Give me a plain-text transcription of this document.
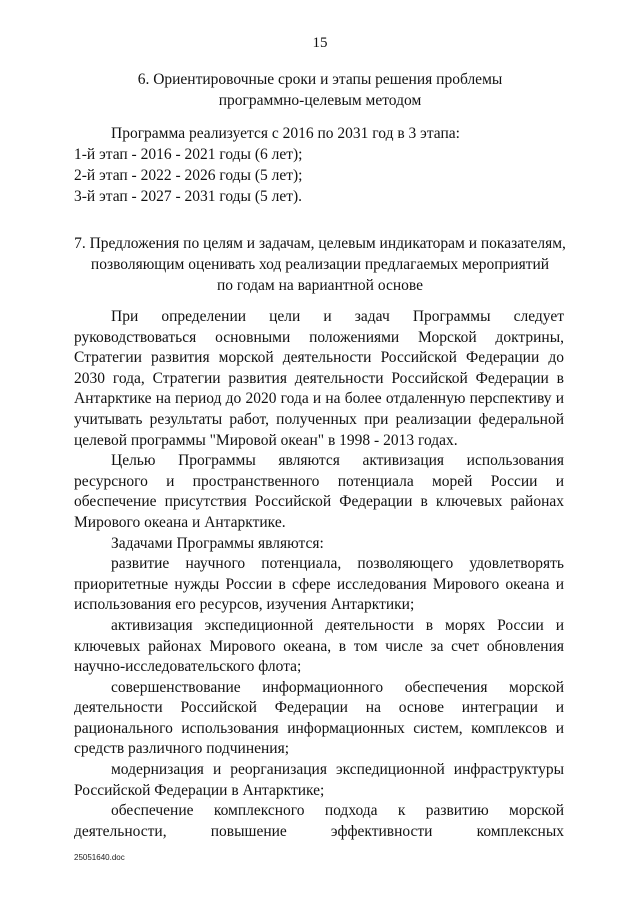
15
6. Ориентировочные сроки и этапы решения проблемы
программно-целевым методом

Программа реализуется с 2016 по 2031 год в 3 этапа:

1-й этап - 2016 - 2021 годы (6 лет);

2-й этап - 2022 - 2026 годы (5 лет);

3-й этап - 2027 - 2031 годы (5 лет).

7. Предложения по целям и задачам, целевым индикаторам и показателям,
позволяющим оценивать ход реализации предлагаемых мероприятий
по годам на вариантной основе

При определении цели и задач Программы следует руководствоваться основными положениями Морской доктрины, Стратегии развития морской деятельности Российской Федерации до 2030 года, Стратегии развития деятельности Российской Федерации в Антарктике на период до 2020 года и на более отдаленную перспективу и учитывать результаты работ, полученных при реализации федеральной целевой программы "Мировой океан" в 1998 - 2013 годах.

Целью Программы являются активизация использования ресурсного и пространственного потенциала морей России и обеспечение присутствия Российской Федерации в ключевых районах Мирового океана и Антарктике.

Задачами Программы являются:

развитие научного потенциала, позволяющего удовлетворять приоритетные нужды России в сфере исследования Мирового океана и использования его ресурсов, изучения Антарктики;

активизация экспедиционной деятельности в морях России и ключевых районах Мирового океана, в том числе за счет обновления научно-исследовательского флота;

совершенствование информационного обеспечения морской деятельности Российской Федерации на основе интеграции и рационального использования информационных систем, комплексов и средств различного подчинения;

модернизация и реорганизация экспедиционной инфраструктуры Российской Федерации в Антарктике;

обеспечение комплексного подхода к развитию морской деятельности, повышение эффективности комплексных

25051640.doc
